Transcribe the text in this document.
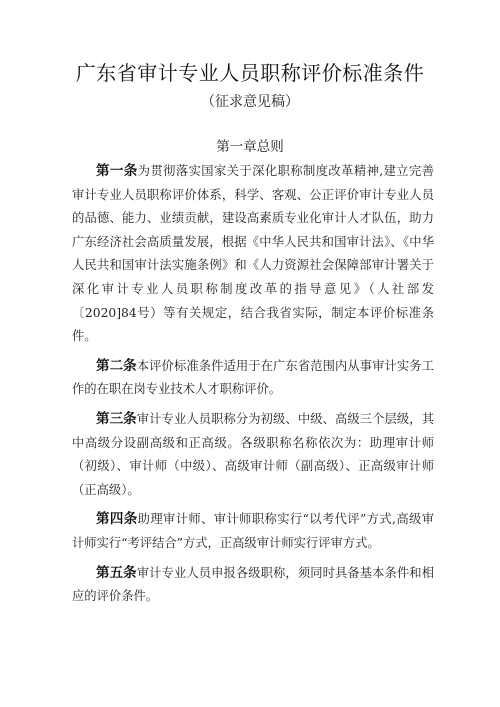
广东省审计专业人员职称评价标准条件
（征求意见稿）
第一章总则

第一条为贯彻落实国家关于深化职称制度改革精神,建立完善审计专业人员职称评价体系，科学、客观、公正评价审计专业人员的品德、能力、业绩贡献，建设高素质专业化审计人才队伍，助力广东经济社会高质量发展，根据《中华人民共和国审计法》、《中华人民共和国审计法实施条例》和《人力资源社会保障部审计署关于深化审计专业人员职称制度改革的指导意见》（人社部发〔2020]84号）等有关规定，结合我省实际，制定本评价标准条件。

第二条本评价标准条件适用于在广东省范围内从事审计实务工作的在职在岗专业技术人才职称评价。

第三条审计专业人员职称分为初级、中级、高级三个层级，其中高级分设副高级和正高级。各级职称名称依次为：助理审计师（初级）、审计师（中级）、高级审计师（副高级）、正高级审计师（正高级）。

第四条助理审计师、审计师职称实行“以考代评”方式,高级审计师实行“考评结合”方式，正高级审计师实行评审方式。

第五条审计专业人员申报各级职称，须同时具备基本条件和相应的评价条件。
